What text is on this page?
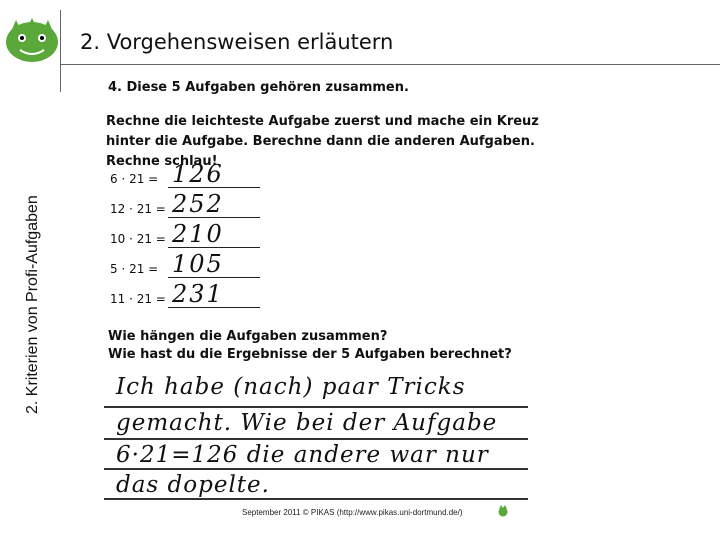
2. Vorgehensweisen erläutern
2. Kriterien von Profi-Aufgaben
4. Diese 5 Aufgaben gehören zusammen.
Rechne die leichteste Aufgabe zuerst und mache ein Kreuz hinter die Aufgabe. Berechne dann die anderen Aufgaben. Rechne schlau!
6 · 21 = 126
12 · 21 = 252
10 · 21 = 210
5 · 21 = 105
11 · 21 = 231
Wie hängen die Aufgaben zusammen?
Wie hast du die Ergebnisse der 5 Aufgaben berechnet?
Ich habe (nach) paar Tricks
gemacht. Wie bei der Aufgabe
6·21=126 die andere war nur
das dopelte.
September 2011 © PIKAS (http://www.pikas.uni-dortmund.de/)
